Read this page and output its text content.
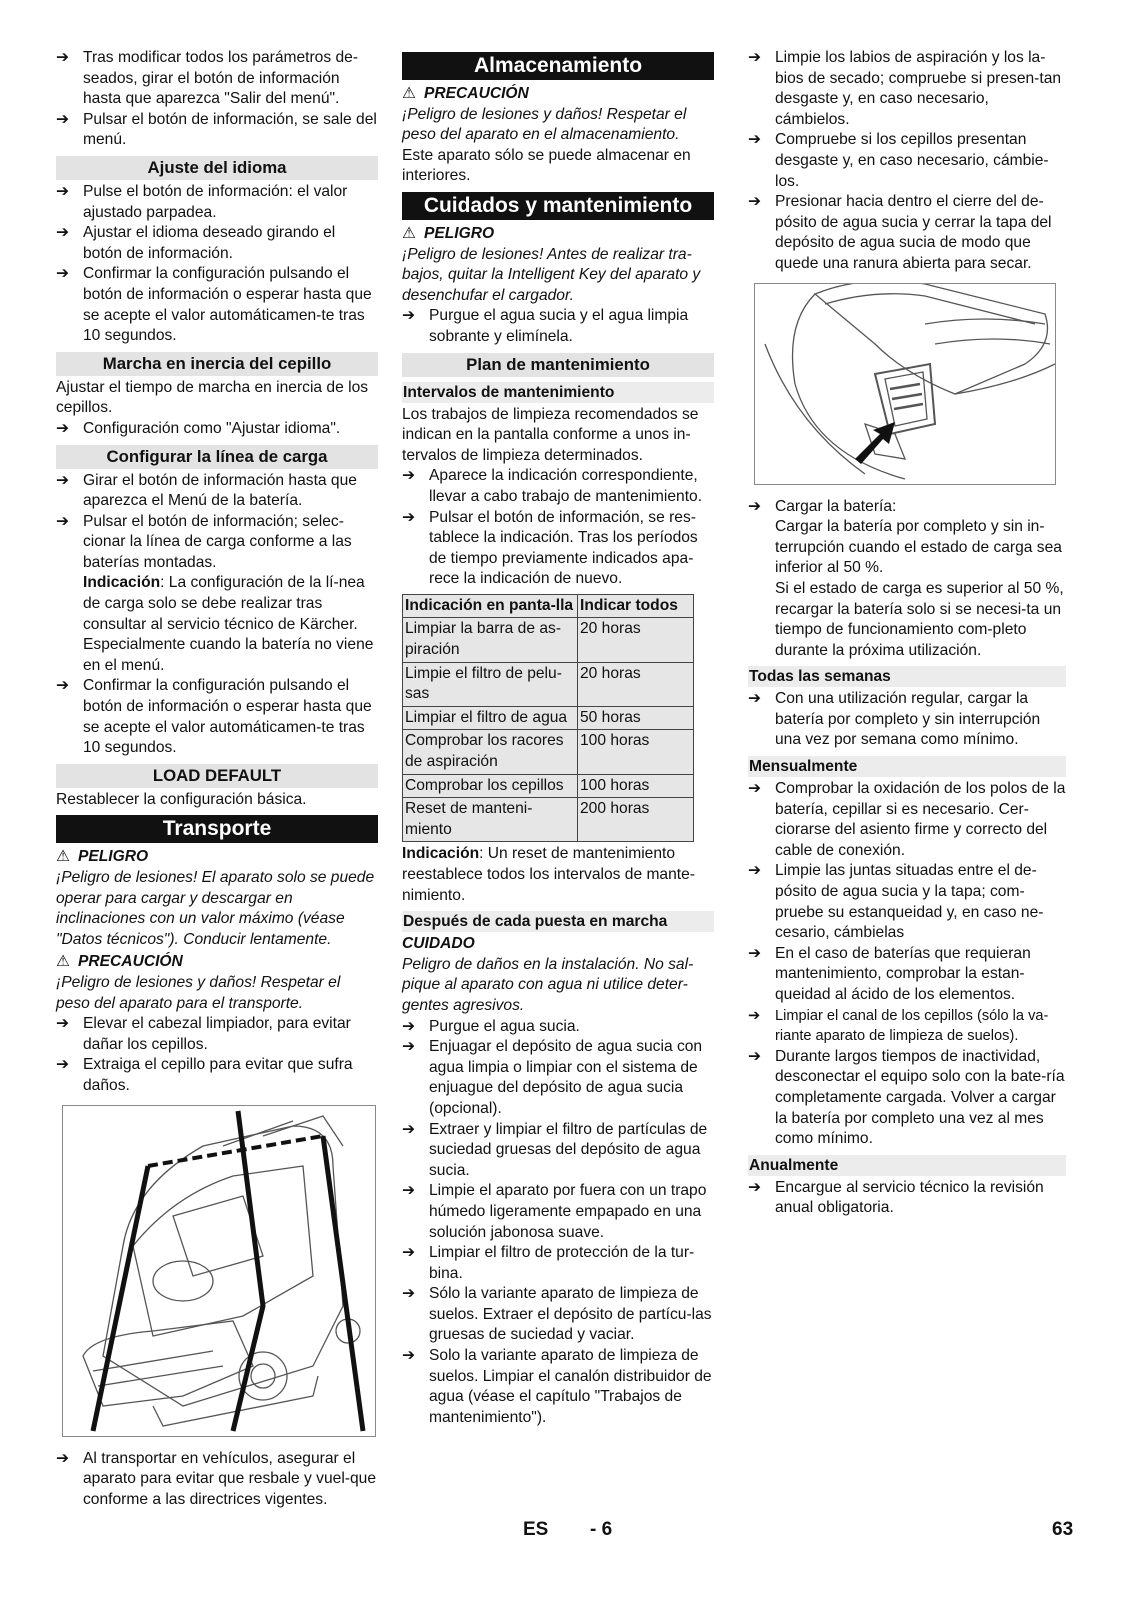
➔ Tras modificar todos los parámetros de-seados, girar el botón de información hasta que aparezca "Salir del menú".
➔ Pulsar el botón de información, se sale del menú.
Ajuste del idioma
➔ Pulse el botón de información: el valor ajustado parpadea.
➔ Ajustar el idioma deseado girando el botón de información.
➔ Confirmar la configuración pulsando el botón de información o esperar hasta que se acepte el valor automáticamen-te tras 10 segundos.
Marcha en inercia del cepillo

Ajustar el tiempo de marcha en inercia de los cepillos.

➔ Configuración como "Ajustar idioma".
Configurar la línea de carga
➔ Girar el botón de información hasta que aparezca el Menú de la batería.
➔ Pulsar el botón de información; selec-cionar la línea de carga conforme a las baterías montadas.
Indicación: La configuración de la lí-nea de carga solo se debe realizar tras consultar al servicio técnico de Kärcher. Especialmente cuando la batería no viene en el menú.
➔ Confirmar la configuración pulsando el botón de información o esperar hasta que se acepte el valor automáticamen-te tras 10 segundos.
LOAD DEFAULT

Restablecer la configuración básica.

Transporte
⚠ PELIGRO

¡Peligro de lesiones! El aparato solo se puede operar para cargar y descargar en inclinaciones con un valor máximo (véase "Datos técnicos"). Conducir lentamente.

⚠ PRECAUCIÓN

¡Peligro de lesiones y daños! Respetar el peso del aparato para el transporte.

➔ Elevar el cabezal limpiador, para evitar dañar los cepillos.
➔ Extraiga el cepillo para evitar que sufra daños.
➔ Al transportar en vehículos, asegurar el aparato para evitar que resbale y vuel-que conforme a las directrices vigentes.
Almacenamiento
⚠ PRECAUCIÓN

¡Peligro de lesiones y daños! Respetar el peso del aparato en el almacenamiento.

Este aparato sólo se puede almacenar en interiores.

Cuidados y mantenimiento
⚠ PELIGRO

¡Peligro de lesiones! Antes de realizar tra-bajos, quitar la Intelligent Key del aparato y desenchufar el cargador.

➔ Purgue el agua sucia y el agua limpia sobrante y elimínela.
Plan de mantenimiento
Intervalos de mantenimiento

Los trabajos de limpieza recomendados se indican en la pantalla conforme a unos in-tervalos de limpieza determinados.

➔ Aparece la indicación correspondiente, llevar a cabo trabajo de mantenimiento.
➔ Pulsar el botón de información, se res-tablece la indicación. Tras los períodos de tiempo previamente indicados apa-rece la indicación de nuevo.
Indicación en panta-lla	Indicar todos
Limpiar la barra de as-piración	20 horas
Limpie el filtro de pelu-sas	20 horas
Limpiar el filtro de agua	50 horas
Comprobar los racores de aspiración	100 horas
Comprobar los cepillos	100 horas
Reset de manteni-miento	200 horas

Indicación: Un reset de mantenimiento reestablece todos los intervalos de mante-nimiento.

Después de cada puesta en marcha
CUIDADO

Peligro de daños en la instalación. No sal-pique al aparato con agua ni utilice deter-gentes agresivos.

➔ Purgue el agua sucia.
➔ Enjuagar el depósito de agua sucia con agua limpia o limpiar con el sistema de enjuague del depósito de agua sucia (opcional).
➔ Extraer y limpiar el filtro de partículas de suciedad gruesas del depósito de agua sucia.
➔ Limpie el aparato por fuera con un trapo húmedo ligeramente empapado en una solución jabonosa suave.
➔ Limpiar el filtro de protección de la tur-bina.
➔ Sólo la variante aparato de limpieza de suelos. Extraer el depósito de partícu-las gruesas de suciedad y vaciar.
➔ Solo la variante aparato de limpieza de suelos. Limpiar el canalón distribuidor de agua (véase el capítulo "Trabajos de mantenimiento").
➔ Limpie los labios de aspiración y los la-bios de secado; compruebe si presen-tan desgaste y, en caso necesario, cámbielos.
➔ Compruebe si los cepillos presentan desgaste y, en caso necesario, cámbie-los.
➔ Presionar hacia dentro el cierre del de-pósito de agua sucia y cerrar la tapa del depósito de agua sucia de modo que quede una ranura abierta para secar.
➔ Cargar la batería:
Cargar la batería por completo y sin in-terrupción cuando el estado de carga sea inferior al 50 %.
Si el estado de carga es superior al 50 %, recargar la batería solo si se necesi-ta un tiempo de funcionamiento com-pleto durante la próxima utilización.
Todas las semanas
➔ Con una utilización regular, cargar la batería por completo y sin interrupción una vez por semana como mínimo.
Mensualmente
➔ Comprobar la oxidación de los polos de la batería, cepillar si es necesario. Cer-ciorarse del asiento firme y correcto del cable de conexión.
➔ Limpie las juntas situadas entre el de-pósito de agua sucia y la tapa; com-pruebe su estanqueidad y, en caso ne-cesario, cámbielas
➔ En el caso de baterías que requieran mantenimiento, comprobar la estan-queidad al ácido de los elementos.
➔ Limpiar el canal de los cepillos (sólo la va-riante aparato de limpieza de suelos).
➔ Durante largos tiempos de inactividad, desconectar el equipo solo con la bate-ría completamente cargada. Volver a cargar la batería por completo una vez al mes como mínimo.
Anualmente
➔ Encargue al servicio técnico la revisión anual obligatoria.
ES - 6	63
